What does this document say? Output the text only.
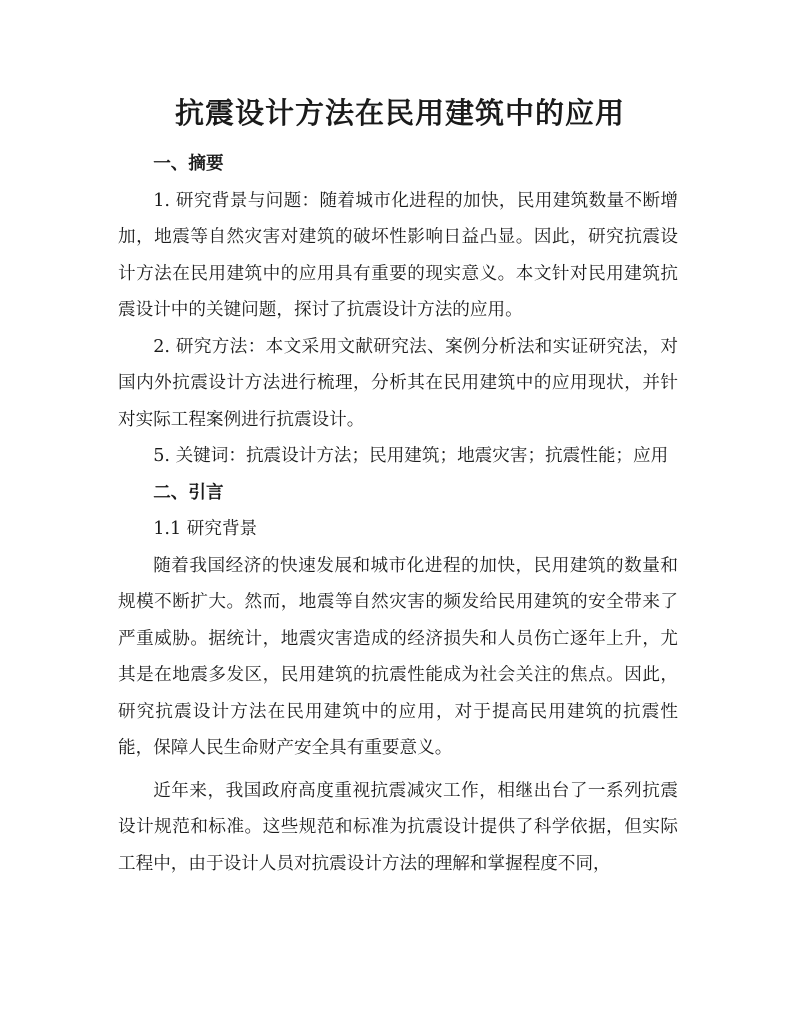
抗震设计方法在民用建筑中的应用

一、摘要

1. 研究背景与问题：随着城市化进程的加快，民用建筑数量不断增加，地震等自然灾害对建筑的破坏性影响日益凸显。因此，研究抗震设计方法在民用建筑中的应用具有重要的现实意义。本文针对民用建筑抗震设计中的关键问题，探讨了抗震设计方法的应用。

2. 研究方法：本文采用文献研究法、案例分析法和实证研究法，对国内外抗震设计方法进行梳理，分析其在民用建筑中的应用现状，并针对实际工程案例进行抗震设计。

5. 关键词：抗震设计方法；民用建筑；地震灾害；抗震性能；应用

二、引言

1.1 研究背景

随着我国经济的快速发展和城市化进程的加快，民用建筑的数量和规模不断扩大。然而，地震等自然灾害的频发给民用建筑的安全带来了严重威胁。据统计，地震灾害造成的经济损失和人员伤亡逐年上升，尤其是在地震多发区，民用建筑的抗震性能成为社会关注的焦点。因此，研究抗震设计方法在民用建筑中的应用，对于提高民用建筑的抗震性能，保障人民生命财产安全具有重要意义。

近年来，我国政府高度重视抗震减灾工作，相继出台了一系列抗震设计规范和标准。这些规范和标准为抗震设计提供了科学依据，但实际工程中，由于设计人员对抗震设计方法的理解和掌握程度不同，
